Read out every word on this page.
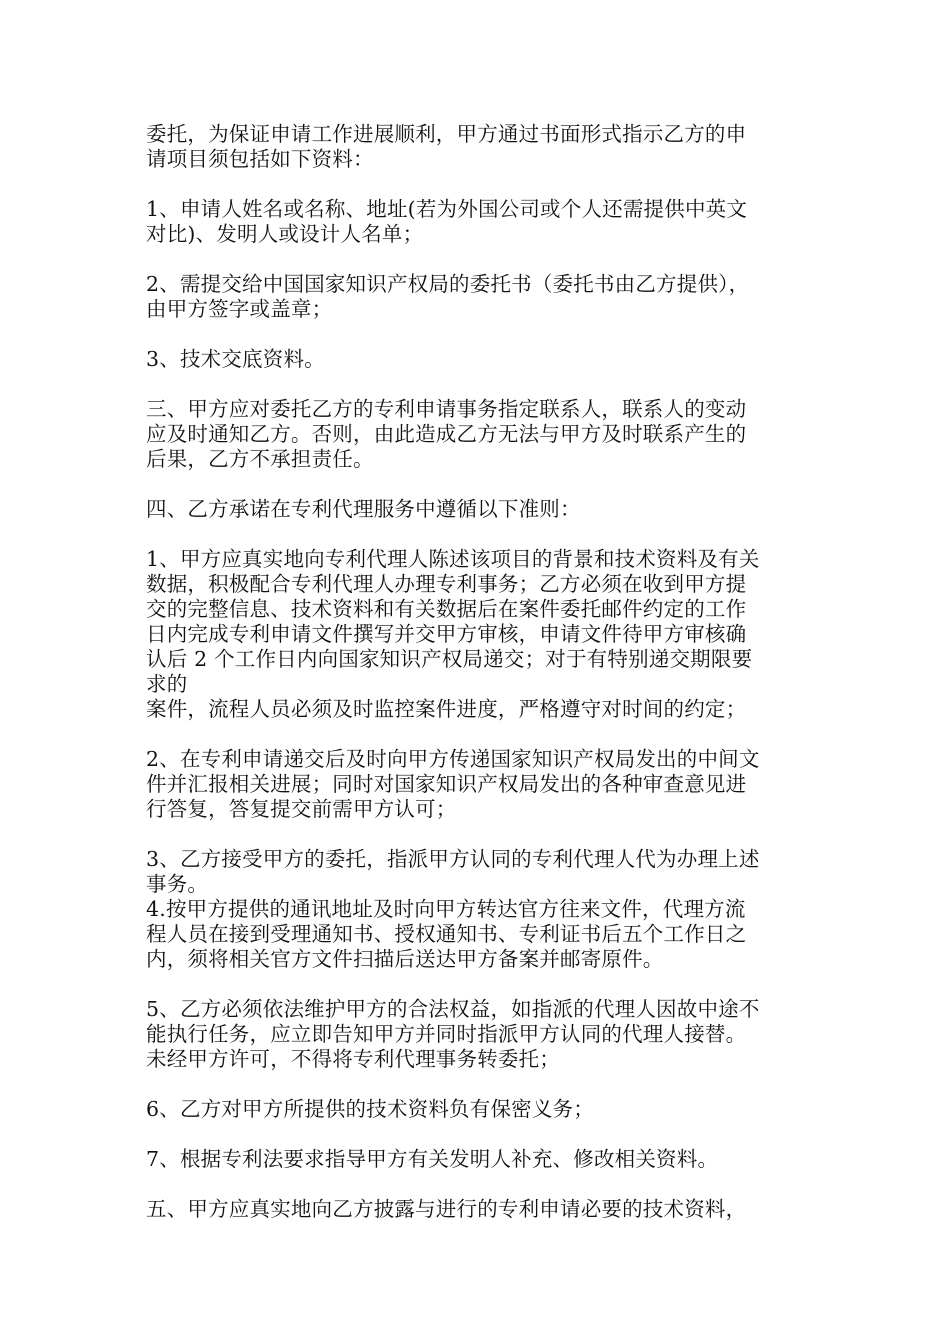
委托，为保证申请工作进展顺利，甲方通过书面形式指示乙方的申
请项目须包括如下资料：

1、申请人姓名或名称、地址(若为外国公司或个人还需提供中英文
对比)、发明人或设计人名单；

2、需提交给中国国家知识产权局的委托书（委托书由乙方提供），
由甲方签字或盖章；

3、技术交底资料。

三、甲方应对委托乙方的专利申请事务指定联系人，联系人的变动
应及时通知乙方。否则，由此造成乙方无法与甲方及时联系产生的
后果，乙方不承担责任。

四、乙方承诺在专利代理服务中遵循以下准则：

1、甲方应真实地向专利代理人陈述该项目的背景和技术资料及有关
数据，积极配合专利代理人办理专利事务；乙方必须在收到甲方提
交的完整信息、技术资料和有关数据后在案件委托邮件约定的工作
日内完成专利申请文件撰写并交甲方审核，申请文件待甲方审核确
认后 2 个工作日内向国家知识产权局递交；对于有特别递交期限要
求的
案件，流程人员必须及时监控案件进度，严格遵守对时间的约定；

2、在专利申请递交后及时向甲方传递国家知识产权局发出的中间文
件并汇报相关进展；同时对国家知识产权局发出的各种审查意见进
行答复，答复提交前需甲方认可；

3、乙方接受甲方的委托，指派甲方认同的专利代理人代为办理上述
事务。

4.按甲方提供的通讯地址及时向甲方转达官方往来文件，代理方流
程人员在接到受理通知书、授权通知书、专利证书后五个工作日之
内，须将相关官方文件扫描后送达甲方备案并邮寄原件。

5、乙方必须依法维护甲方的合法权益，如指派的代理人因故中途不
能执行任务，应立即告知甲方并同时指派甲方认同的代理人接替。
未经甲方许可，不得将专利代理事务转委托；

6、乙方对甲方所提供的技术资料负有保密义务；

7、根据专利法要求指导甲方有关发明人补充、修改相关资料。

五、甲方应真实地向乙方披露与进行的专利申请必要的技术资料，
